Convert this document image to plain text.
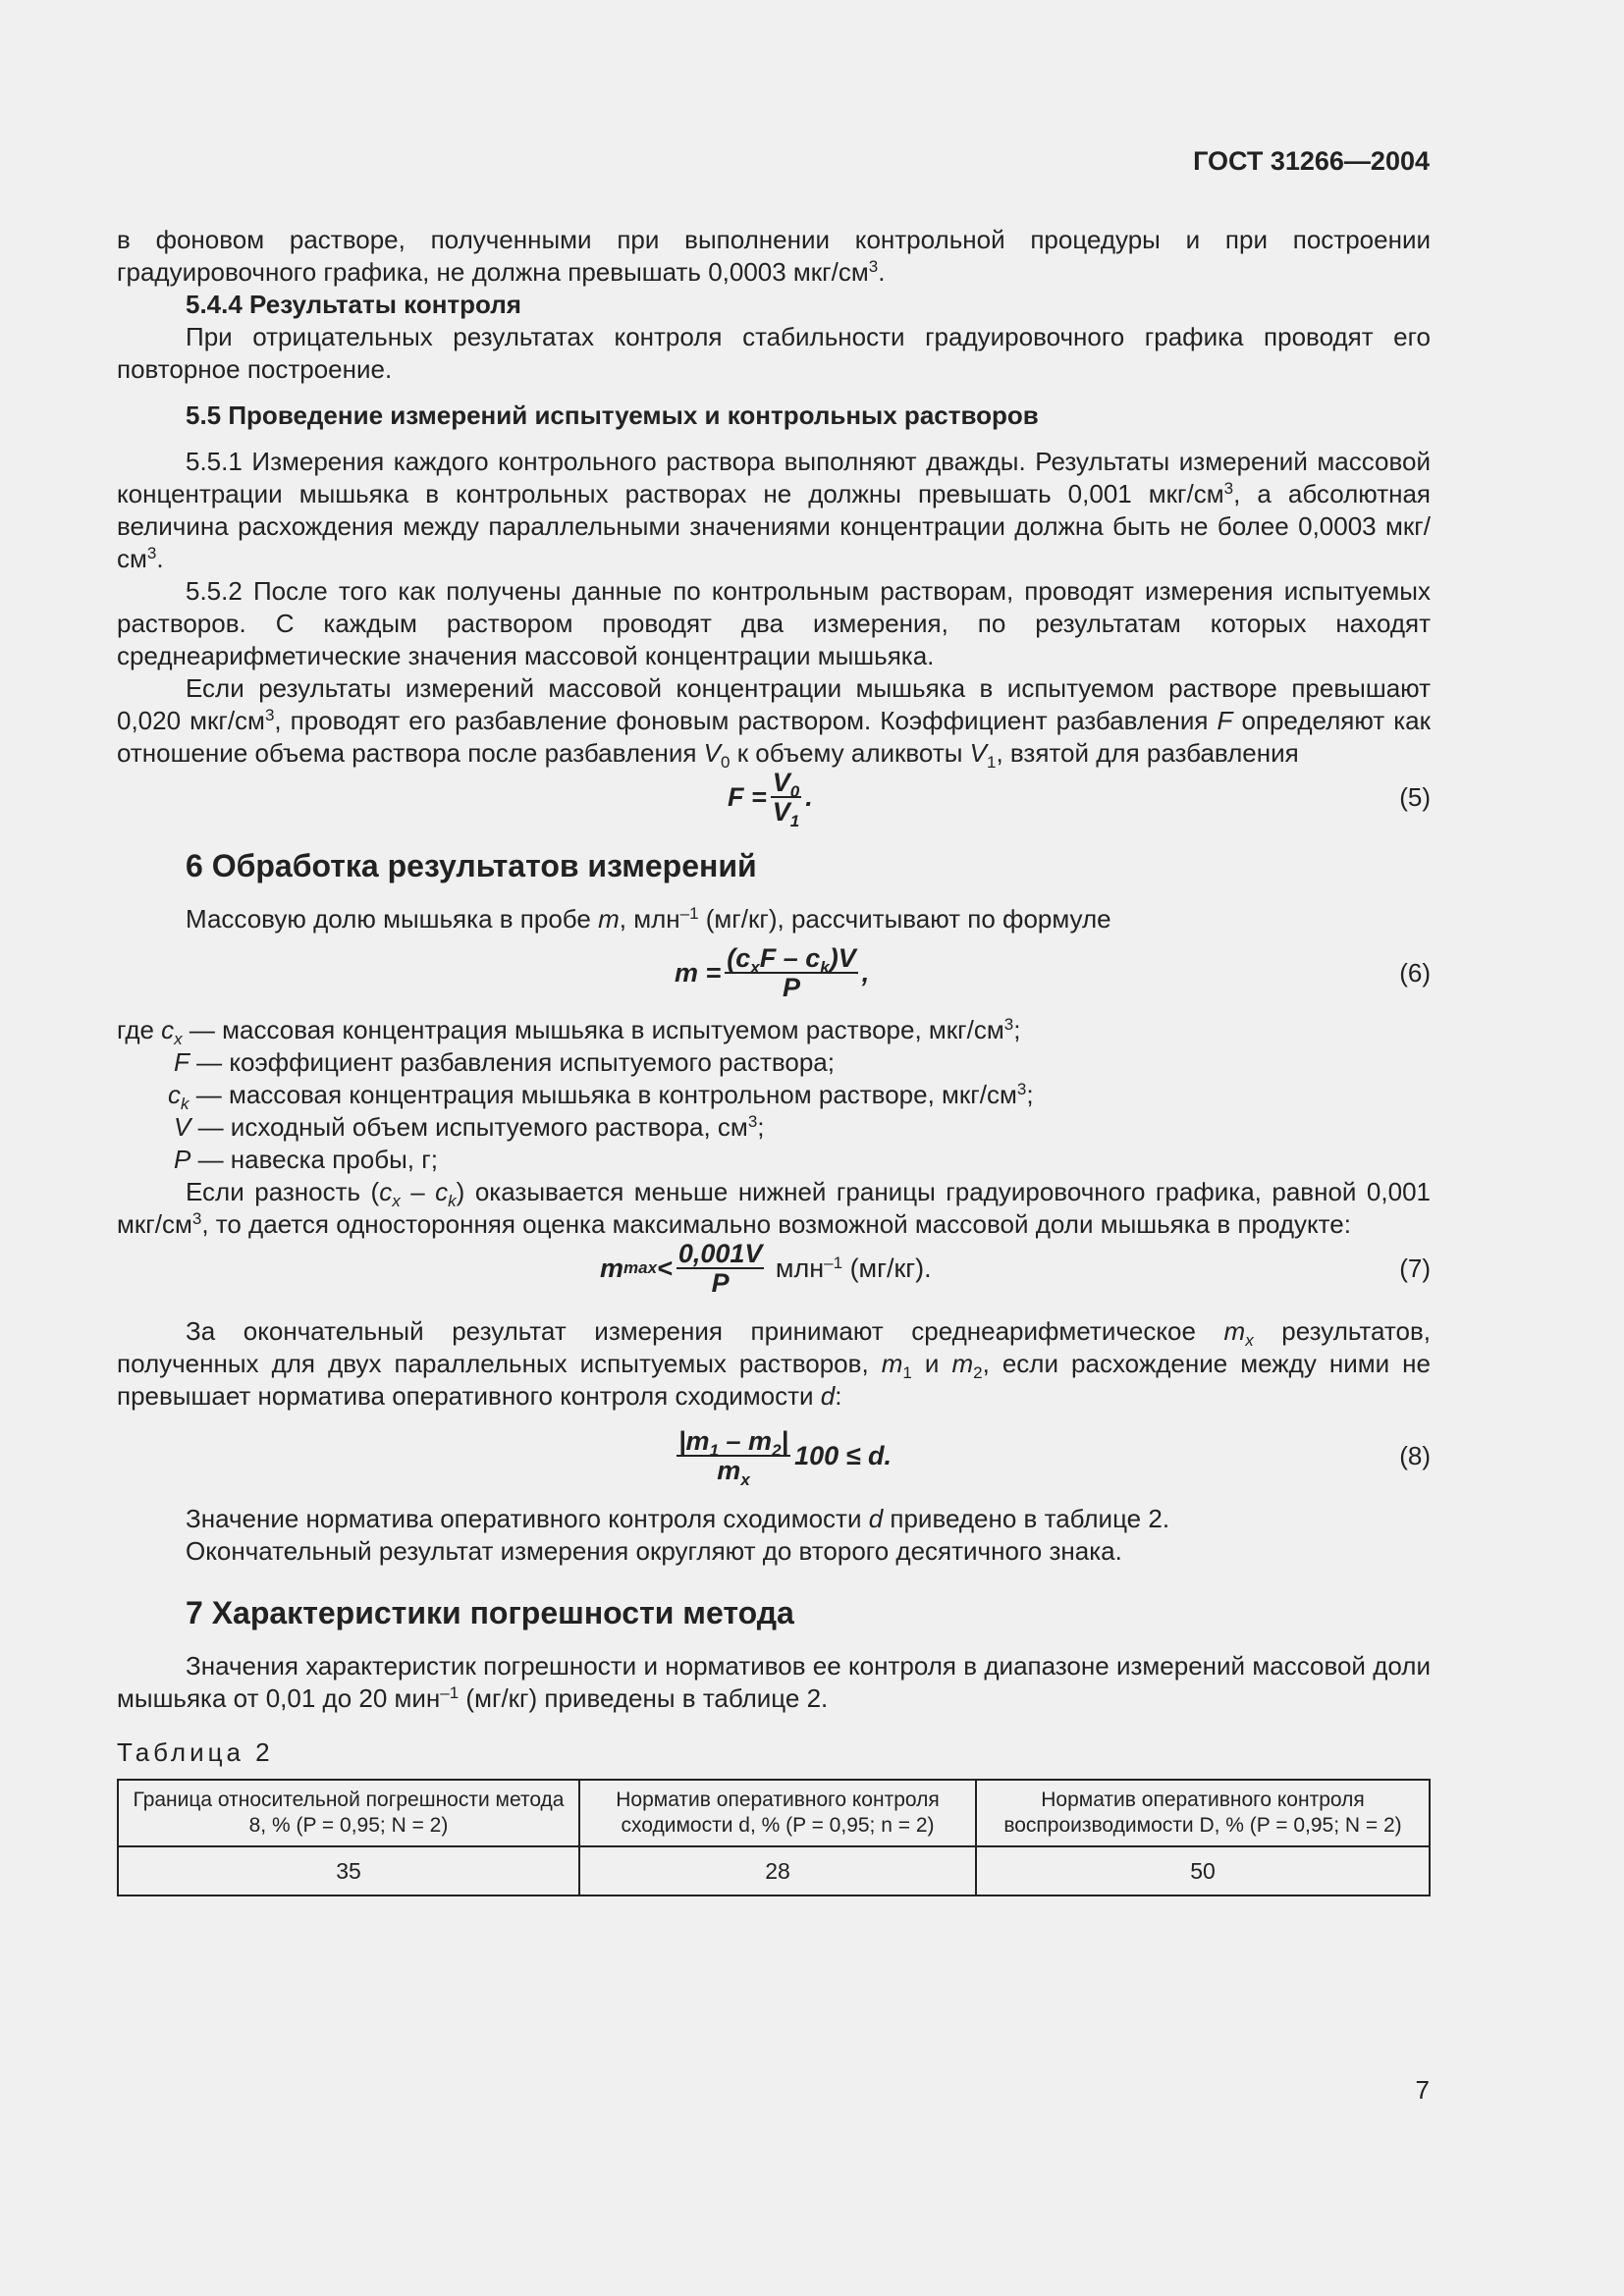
ГОСТ 31266—2004

в фоновом растворе, полученными при выполнении контрольной процедуры и при построении градуировочного графика, не должна превышать 0,0003 мкг/$см^3$.

5.4.4 Результаты контроля

При отрицательных результатах контроля стабильности градуировочного графика проводят его повторное построение.

5.5 Проведение измерений испытуемых и контрольных растворов

5.5.1 Измерения каждого контрольного раствора выполняют дважды. Результаты измерений массовой концентрации мышьяка в контрольных растворах не должны превышать 0,001 мкг/$см^3$, а абсолютная величина расхождения между параллельными значениями концентрации должна быть не более 0,0003 мкг/$см^3$.

5.5.2 После того как получены данные по контрольным растворам, проводят измерения испытуемых растворов. С каждым раствором проводят два измерения, по результатам которых находят среднеарифметические значения массовой концентрации мышьяка.

Если результаты измерений массовой концентрации мышьяка в испытуемом растворе превышают 0,020 мкг/$см^3$, проводят его разбавление фоновым раствором. Коэффициент разбавления F определяют как отношение объема раствора после разбавления $V_0$ к объему аликвоты $V_1$, взятой для разбавления

$F = \frac{V_0}{V_1}$ .	(5)

6 Обработка результатов измерений

Массовую долю мышьяка в пробе m, млн$^{-1}$ (мг/кг), рассчитывают по формуле

$m = \frac{(c_xF - c_k)V}{P}$ ,	(6)

где $c_x$ — массовая концентрация мышьяка в испытуемом растворе, мкг/$см^3$;

F — коэффициент разбавления испытуемого раствора;

$c_k$ — массовая концентрация мышьяка в контрольном растворе, мкг/$см^3$;

V — исходный объем испытуемого раствора, $см^3$;

P — навеска пробы, г;

Если разность $(c_x - c_k)$ оказывается меньше нижней границы градуировочного графика, равной 0,001 мкг/$см^3$, то дается односторонняя оценка максимально возможной массовой доли мышьяка в продукте:

m $\max < \frac{0,001V}{P} млн^{-1}$ (мг/кг).	(7)

За окончательный результат измерения принимают среднеарифметическое $m_x$ результатов, полученных для двух параллельных испытуемых растворов, $m_1$ и $m_2$, если расхождение между ними не превышает норматива оперативного контроля сходимости d:

$\frac{|m_1 - m_2|}{m_x} 100 \le d$.	(8)

Значение норматива оперативного контроля сходимости d приведено в таблице 2.

Окончательный результат измерения округляют до второго десятичного знака.

7 Характеристики погрешности метода

Значения характеристик погрешности и нормативов ее контроля в диапазоне измерений массовой доли мышьяка от 0,01 до 20 мин$^{-1}$ (мг/кг) приведены в таблице 2.

Таблица 2

Граница относительной погрешности метода 8, % (P = 0,95; N = 2)	Норматив оперативного контроля сходимости d, % (P = 0,95; n = 2)	Норматив оперативного контроля воспроизводимости D, % (P = 0,95; N = 2)
35	28	50
7
